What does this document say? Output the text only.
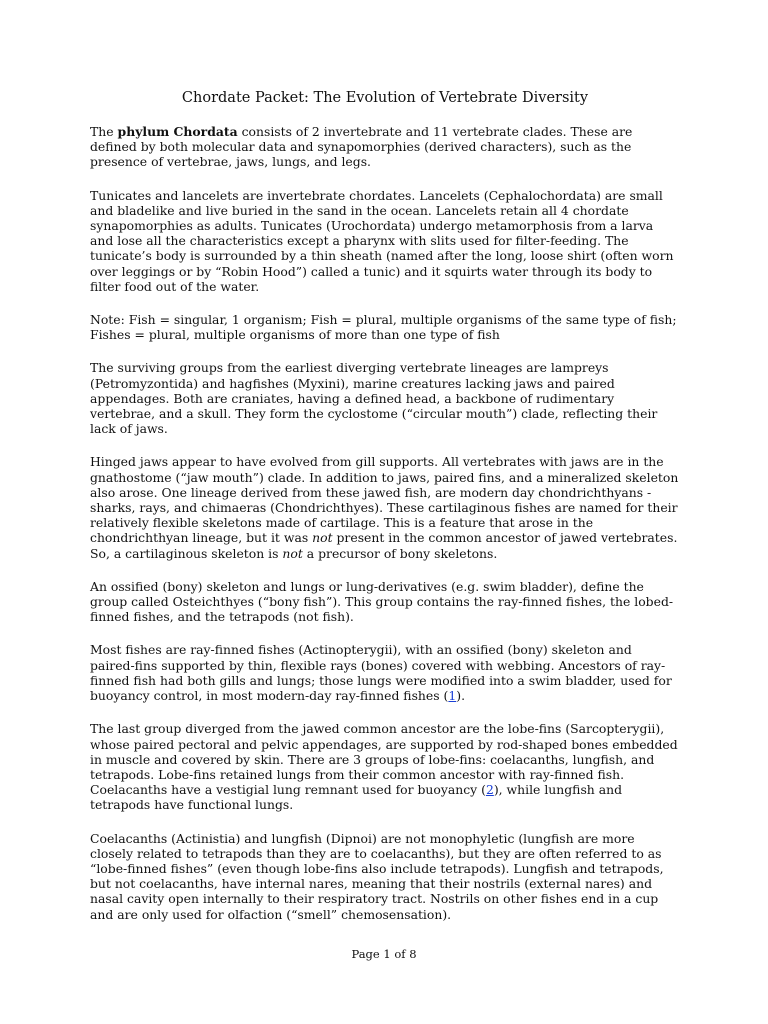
Chordate Packet: The Evolution of Vertebrate Diversity

The phylum Chordata consists of 2 invertebrate and 11 vertebrate clades. These are defined by both molecular data and synapomorphies (derived characters), such as the presence of vertebrae, jaws, lungs, and legs.

Tunicates and lancelets are invertebrate chordates. Lancelets (Cephalochordata) are small and bladelike and live buried in the sand in the ocean. Lancelets retain all 4 chordate synapomorphies as adults. Tunicates (Urochordata) undergo metamorphosis from a larva and lose all the characteristics except a pharynx with slits used for filter-feeding. The tunicate’s body is surrounded by a thin sheath (named after the long, loose shirt (often worn over leggings or by “Robin Hood”) called a tunic) and it squirts water through its body to filter food out of the water.

Note: Fish = singular, 1 organism; Fish = plural, multiple organisms of the same type of fish; Fishes = plural, multiple organisms of more than one type of fish

The surviving groups from the earliest diverging vertebrate lineages are lampreys (Petromyzontida) and hagfishes (Myxini), marine creatures lacking jaws and paired appendages. Both are craniates, having a defined head, a backbone of rudimentary vertebrae, and a skull. They form the cyclostome (“circular mouth”) clade, reflecting their lack of jaws.

Hinged jaws appear to have evolved from gill supports. All vertebrates with jaws are in the gnathostome (“jaw mouth”) clade. In addition to jaws, paired fins, and a mineralized skeleton also arose. One lineage derived from these jawed fish, are modern day chondrichthyans - sharks, rays, and chimaeras (Chondrichthyes). These cartilaginous fishes are named for their relatively flexible skeletons made of cartilage. This is a feature that arose in the chondrichthyan lineage, but it was not present in the common ancestor of jawed vertebrates. So, a cartilaginous skeleton is not a precursor of bony skeletons.

An ossified (bony) skeleton and lungs or lung-derivatives (e.g. swim bladder), define the group called Osteichthyes (“bony fish”). This group contains the ray-finned fishes, the lobed-finned fishes, and the tetrapods (not fish).

Most fishes are ray-finned fishes (Actinopterygii), with an ossified (bony) skeleton and paired-fins supported by thin, flexible rays (bones) covered with webbing. Ancestors of ray-finned fish had both gills and lungs; those lungs were modified into a swim bladder, used for buoyancy control, in most modern-day ray-finned fishes (1).

The last group diverged from the jawed common ancestor are the lobe-fins (Sarcopterygii), whose paired pectoral and pelvic appendages, are supported by rod-shaped bones embedded in muscle and covered by skin. There are 3 groups of lobe-fins: coelacanths, lungfish, and tetrapods. Lobe-fins retained lungs from their common ancestor with ray-finned fish. Coelacanths have a vestigial lung remnant used for buoyancy (2), while lungfish and tetrapods have functional lungs.

Coelacanths (Actinistia) and lungfish (Dipnoi) are not monophyletic (lungfish are more closely related to tetrapods than they are to coelacanths), but they are often referred to as “lobe-finned fishes” (even though lobe-fins also include tetrapods). Lungfish and tetrapods, but not coelacanths, have internal nares, meaning that their nostrils (external nares) and nasal cavity open internally to their respiratory tract. Nostrils on other fishes end in a cup and are only used for olfaction (“smell” chemosensation).

Page 1 of 8
